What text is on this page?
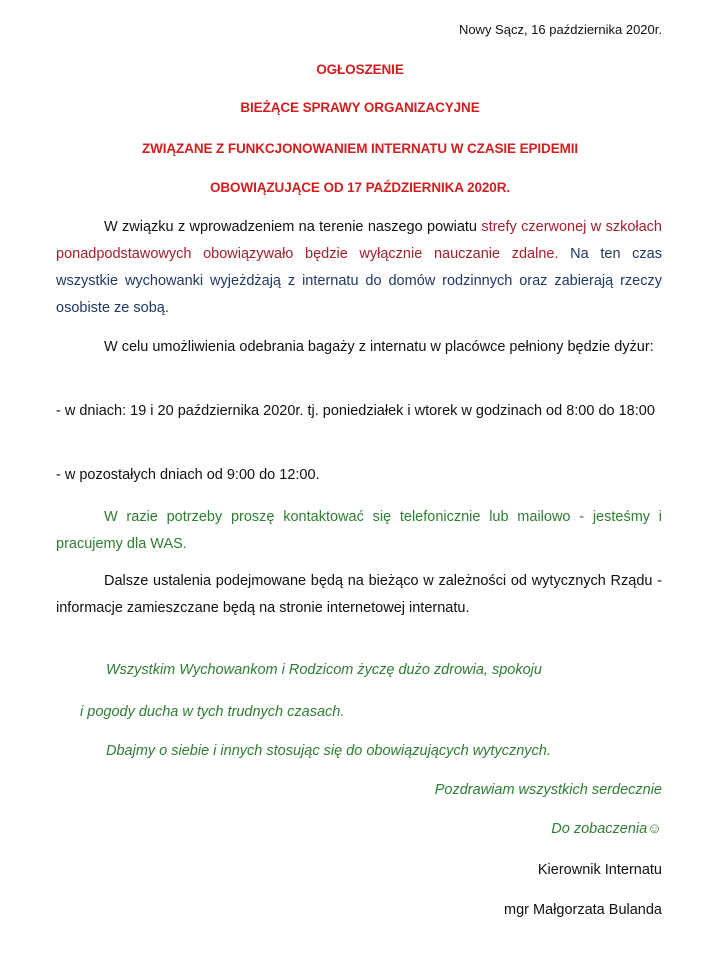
Nowy Sącz, 16 października 2020r.
OGŁOSZENIE
BIEŻĄCE SPRAWY ORGANIZACYJNE
ZWIĄZANE Z FUNKCJONOWANIEM INTERNATU W CZASIE EPIDEMII
OBOWIĄZUJĄCE OD 17 PAŹDZIERNIKA 2020R.
W związku z wprowadzeniem na terenie naszego powiatu strefy czerwonej w szkołach ponadpodstawowych obowiązywało będzie wyłącznie nauczanie zdalne. Na ten czas wszystkie wychowanki wyjeżdżają z internatu do domów rodzinnych oraz zabierają rzeczy osobiste ze sobą.
W celu umożliwienia odebrania bagaży z internatu w placówce pełniony będzie dyżur:
- w dniach: 19 i 20 października 2020r. tj. poniedziałek i wtorek w godzinach od 8:00 do 18:00
- w pozostałych dniach od 9:00 do 12:00.
W razie potrzeby proszę kontaktować się telefonicznie lub mailowo - jesteśmy i pracujemy dla WAS.
Dalsze ustalenia podejmowane będą na bieżąco w zależności od wytycznych Rządu - informacje zamieszczane będą na stronie internetowej internatu.
Wszystkim Wychowankom i Rodzicom życzę dużo zdrowia, spokoju
i pogody ducha w tych trudnych czasach.
Dbajmy o siebie i innych stosując się do obowiązujących wytycznych.
Pozdrawiam wszystkich serdecznie
Do zobaczenia☺
Kierownik Internatu
mgr Małgorzata Bulanda
